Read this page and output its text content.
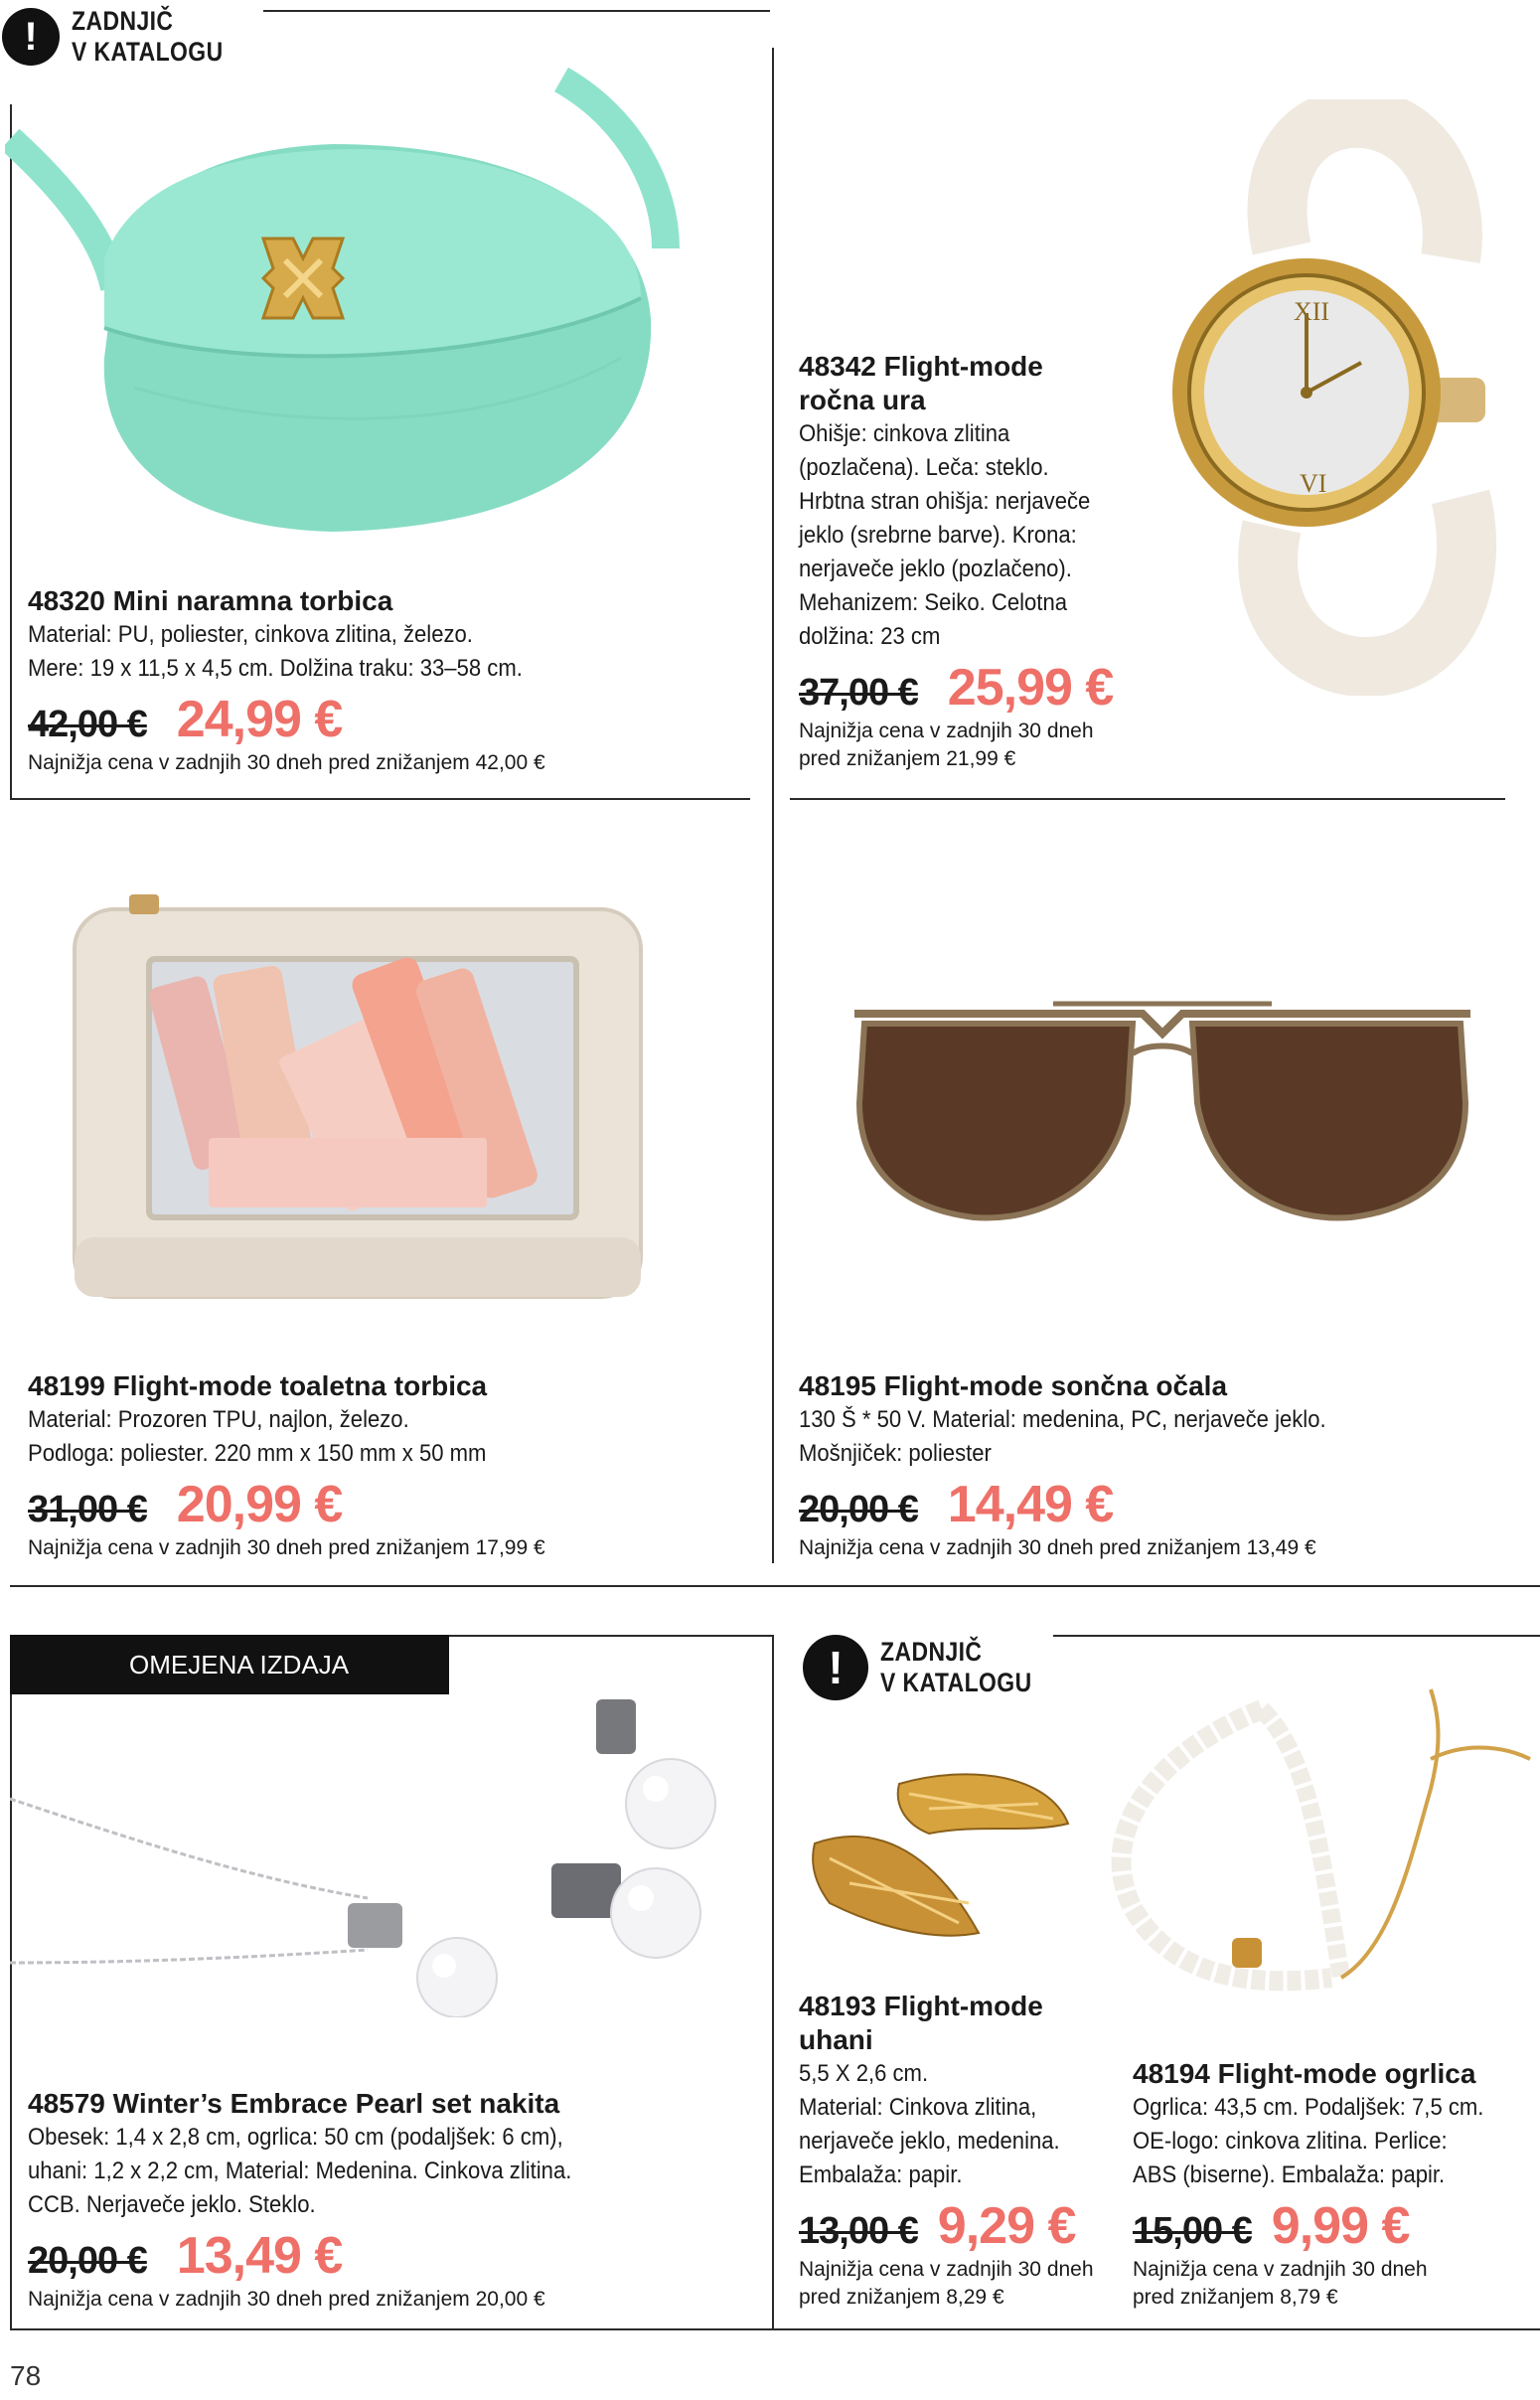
!	ZADNJIČ
V KATALOGU
!	ZADNJIČ
V KATALOGU
OMEJENA IZDAJA
XII
VI

48320 Mini naramna torbica

Material: PU, poliester, cinkova zlitina, železo.
Mere: 19 x 11,5 x 4,5 cm. Dolžina traku: 33–58 cm.

42,00 € 24,99 €

Najnižja cena v zadnjih 30 dneh pred znižanjem 42,00 €

48342 Flight-mode
ročna ura

Ohišje: cinkova zlitina
(pozlačena). Leča: steklo.
Hrbtna stran ohišja: nerjaveče
jeklo (srebrne barve). Krona:
nerjaveče jeklo (pozlačeno).
Mehanizem: Seiko. Celotna
dolžina: 23 cm

37,00 € 25,99 €

Najnižja cena v zadnjih 30 dneh
pred znižanjem 21,99 €

48199 Flight-mode toaletna torbica

Material: Prozoren TPU, najlon, železo.
Podloga: poliester. 220 mm x 150 mm x 50 mm

31,00 € 20,99 €

Najnižja cena v zadnjih 30 dneh pred znižanjem 17,99 €

48195 Flight-mode sončna očala

130 Š * 50 V. Material: medenina, PC, nerjaveče jeklo.
Mošnjiček: poliester

20,00 € 14,49 €

Najnižja cena v zadnjih 30 dneh pred znižanjem 13,49 €

48579 Winter’s Embrace Pearl set nakita

Obesek: 1,4 x 2,8 cm, ogrlica: 50 cm (podaljšek: 6 cm),
uhani: 1,2 x 2,2 cm, Material: Medenina. Cinkova zlitina.
CCB. Nerjaveče jeklo. Steklo.

20,00 € 13,49 €

Najnižja cena v zadnjih 30 dneh pred znižanjem 20,00 €

48193 Flight-mode
uhani

5,5 X 2,6 cm.
Material: Cinkova zlitina,
nerjaveče jeklo, medenina.
Embalaža: papir.

13,00 € 9,29 €

Najnižja cena v zadnjih 30 dneh
pred znižanjem 8,29 €

48194 Flight-mode ogrlica

Ogrlica: 43,5 cm. Podaljšek: 7,5 cm.
OE-logo: cinkova zlitina. Perlice:
ABS (biserne). Embalaža: papir.

15,00 € 9,99 €

Najnižja cena v zadnjih 30 dneh
pred znižanjem 8,79 €

78
